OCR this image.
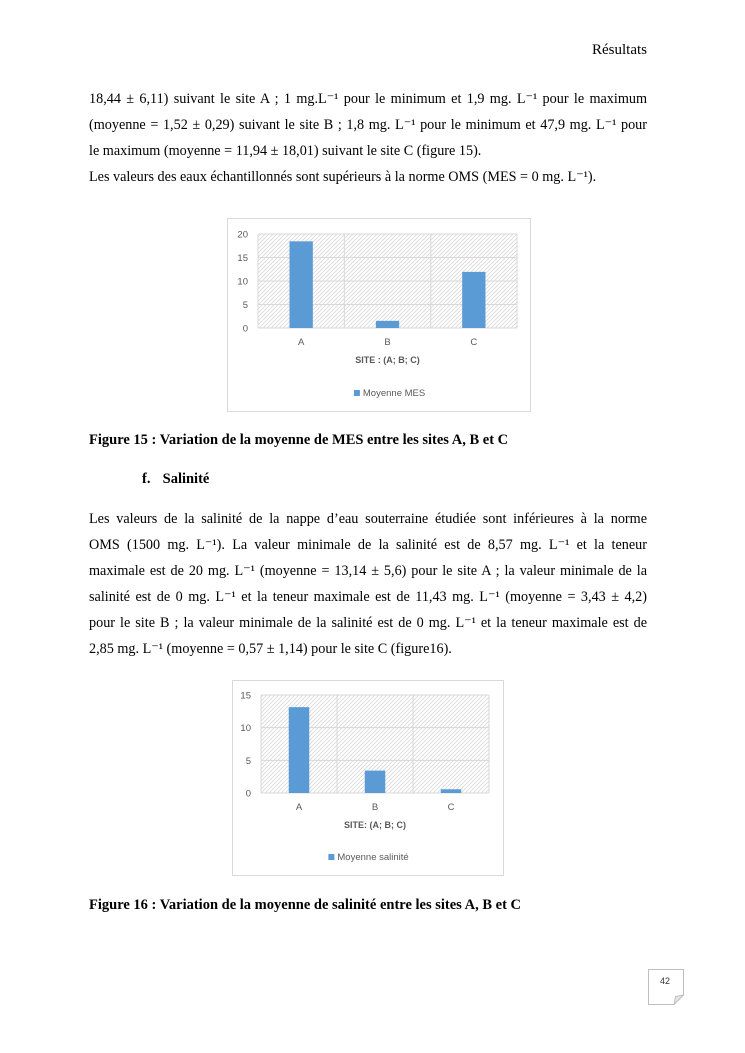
Résultats
18,44 ± 6,11) suivant le site A ; 1 mg.L⁻¹ pour le minimum et 1,9 mg. L⁻¹ pour le maximum
(moyenne = 1,52 ± 0,29) suivant le site B ; 1,8 mg. L⁻¹ pour le minimum et 47,9 mg. L⁻¹ pour
le maximum (moyenne = 11,94 ± 18,01) suivant le site C (figure 15).
Les valeurs des eaux échantillonnés sont supérieurs à la norme OMS (MES = 0 mg. L⁻¹).
0
5
10
15
20
A	B	C
SITE : (A; B; C)
Moyenne MES
Figure 15 : Variation de la moyenne de MES entre les sites A, B et C
f. Salinité
Les valeurs de la salinité de la nappe d’eau souterraine étudiée sont inférieures à la norme
OMS (1500 mg. L⁻¹). La valeur minimale de la salinité est de 8,57 mg. L⁻¹ et la teneur
maximale est de 20 mg. L⁻¹ (moyenne = 13,14 ± 5,6) pour le site A ; la valeur minimale de la
salinité est de 0 mg. L⁻¹ et la teneur maximale est de 11,43 mg. L⁻¹ (moyenne = 3,43 ± 4,2)
pour le site B ; la valeur minimale de la salinité est de 0 mg. L⁻¹ et la teneur maximale est de
2,85 mg. L⁻¹ (moyenne = 0,57 ± 1,14) pour le site C (figure16).
0
5
10
15
A	B	C
SITE: (A; B; C)
Moyenne salinité
Figure 16 : Variation de la moyenne de salinité entre les sites A, B et C
42
